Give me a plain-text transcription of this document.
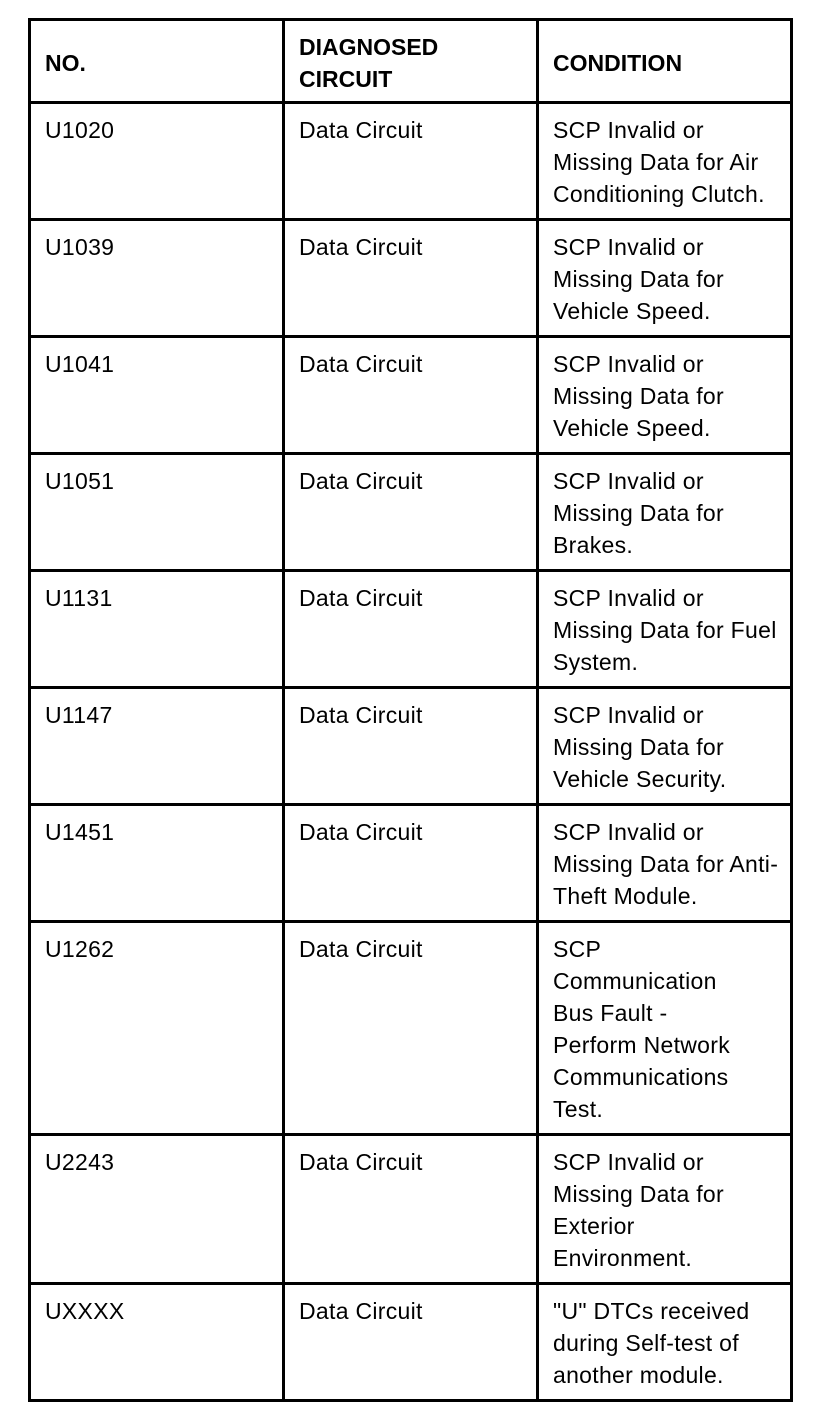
NO.	DIAGNOSED CIRCUIT	CONDITION
U1020	Data Circuit	SCP Invalid or Missing Data for Air Conditioning Clutch.
U1039	Data Circuit	SCP Invalid or Missing Data for Vehicle Speed.
U1041	Data Circuit	SCP Invalid or Missing Data for Vehicle Speed.
U1051	Data Circuit	SCP Invalid or Missing Data for Brakes.
U1131	Data Circuit	SCP Invalid or Missing Data for Fuel System.
U1147	Data Circuit	SCP Invalid or Missing Data for Vehicle Security.
U1451	Data Circuit	SCP Invalid or Missing Data for Anti-Theft Module.
U1262	Data Circuit	SCP Communication Bus Fault - Perform Network Communications Test.

U2243	Data Circuit	SCP Invalid or Missing Data for Exterior Environment.

UXXXX	Data Circuit	"U" DTCs received during Self-test of another module.
